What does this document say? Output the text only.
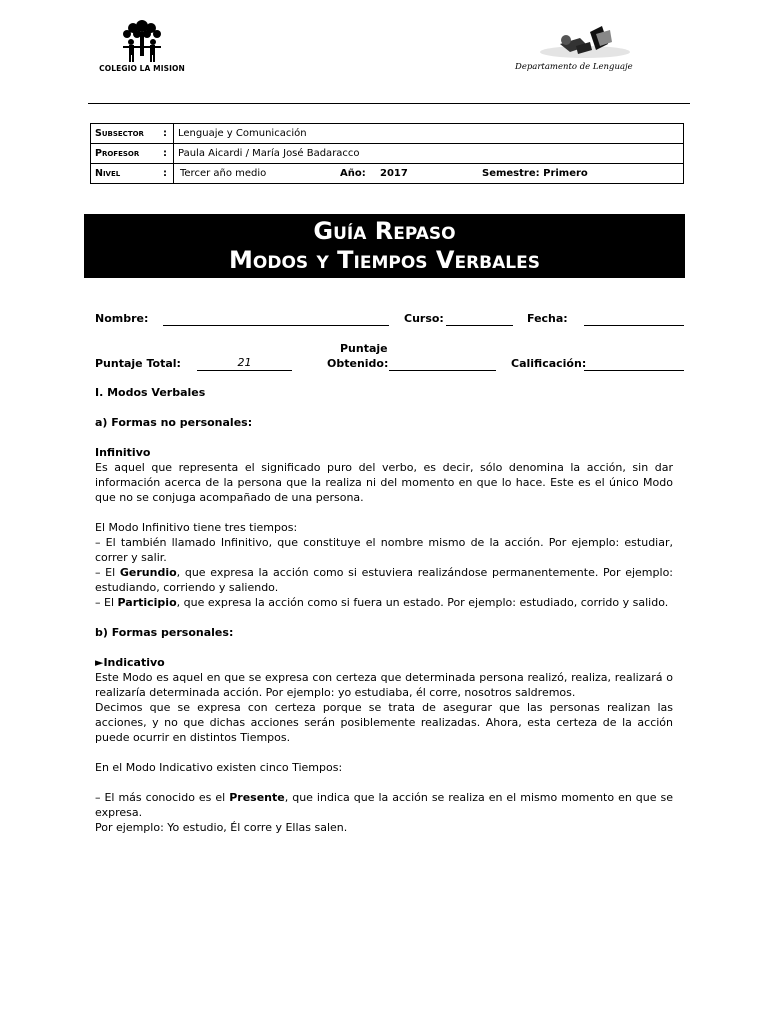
COLEGIO LA MISION	Departamento de Lenguaje
Subsector	:	Lenguaje y Comunicación
Profesor	:	Paula Aicardi / María José Badaracco
Nivel	:	Tercer año medio Año: 2017 Semestre: Primero
Guía Repaso
Modos y Tiempos Verbales
Nombre:	Curso:	Fecha:
Puntaje Total:	21
Puntaje
Obtenido:	Calificación:

I. Modos Verbales

a) Formas no personales:

Infinitivo

Es aquel que representa el significado puro del verbo, es decir, sólo denomina la acción, sin dar información acerca de la persona que la realiza ni del momento en que lo hace. Este es el único Modo que no se conjuga acompañado de una persona.

El Modo Infinitivo tiene tres tiempos:

– El también llamado Infinitivo, que constituye el nombre mismo de la acción. Por ejemplo: estudiar, correr y salir.

– El Gerundio, que expresa la acción como si estuviera realizándose permanentemente. Por ejemplo: estudiando, corriendo y saliendo.

– El Participio, que expresa la acción como si fuera un estado. Por ejemplo: estudiado, corrido y salido.

b) Formas personales:

►Indicativo

Este Modo es aquel en que se expresa con certeza que determinada persona realizó, realiza, realizará o realizaría determinada acción. Por ejemplo: yo estudiaba, él corre, nosotros saldremos.

Decimos que se expresa con certeza porque se trata de asegurar que las personas realizan las acciones, y no que dichas acciones serán posiblemente realizadas. Ahora, esta certeza de la acción puede ocurrir en distintos Tiempos.

En el Modo Indicativo existen cinco Tiempos:

– El más conocido es el Presente, que indica que la acción se realiza en el mismo momento en que se expresa.

Por ejemplo: Yo estudio, Él corre y Ellas salen.
